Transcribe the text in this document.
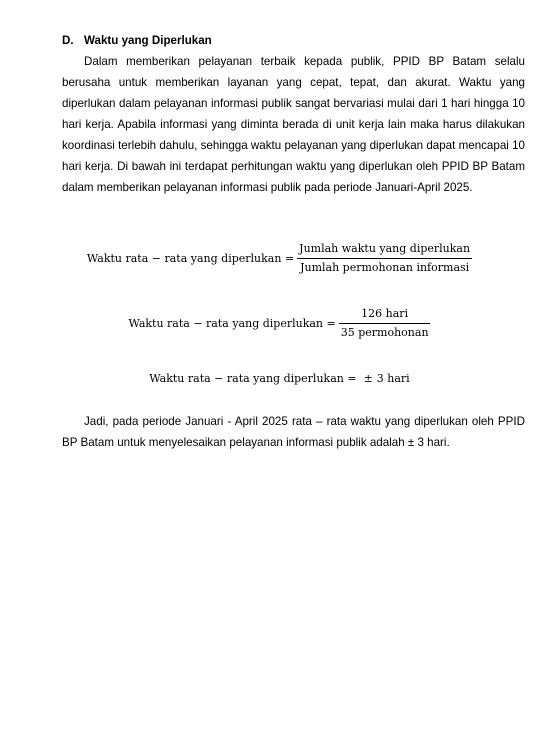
D. Waktu yang Diperlukan

Dalam memberikan pelayanan terbaik kepada publik, PPID BP Batam selalu berusaha untuk memberikan layanan yang cepat, tepat, dan akurat. Waktu yang diperlukan dalam pelayanan informasi publik sangat bervariasi mulai dari 1 hari hingga 10 hari kerja. Apabila informasi yang diminta berada di unit kerja lain maka harus dilakukan koordinasi terlebih dahulu, sehingga waktu pelayanan yang diperlukan dapat mencapai 10 hari kerja. Di bawah ini terdapat perhitungan waktu yang diperlukan oleh PPID BP Batam dalam memberikan pelayanan informasi publik pada periode Januari-April 2025.

Waktu rata − rata yang diperlukan = $\frac{\text{Jumlah waktu yang diperlukan}}{\text{Jumlah permohonan informasi}}$
Waktu rata − rata yang diperlukan = $\frac{\text{126 hari}}{\text{35 permohonan}}$
Waktu rata − rata yang diperlukan = ± 3 hari

Jadi, pada periode Januari - April 2025 rata – rata waktu yang diperlukan oleh PPID BP Batam untuk menyelesaikan pelayanan informasi publik adalah ± 3 hari.
